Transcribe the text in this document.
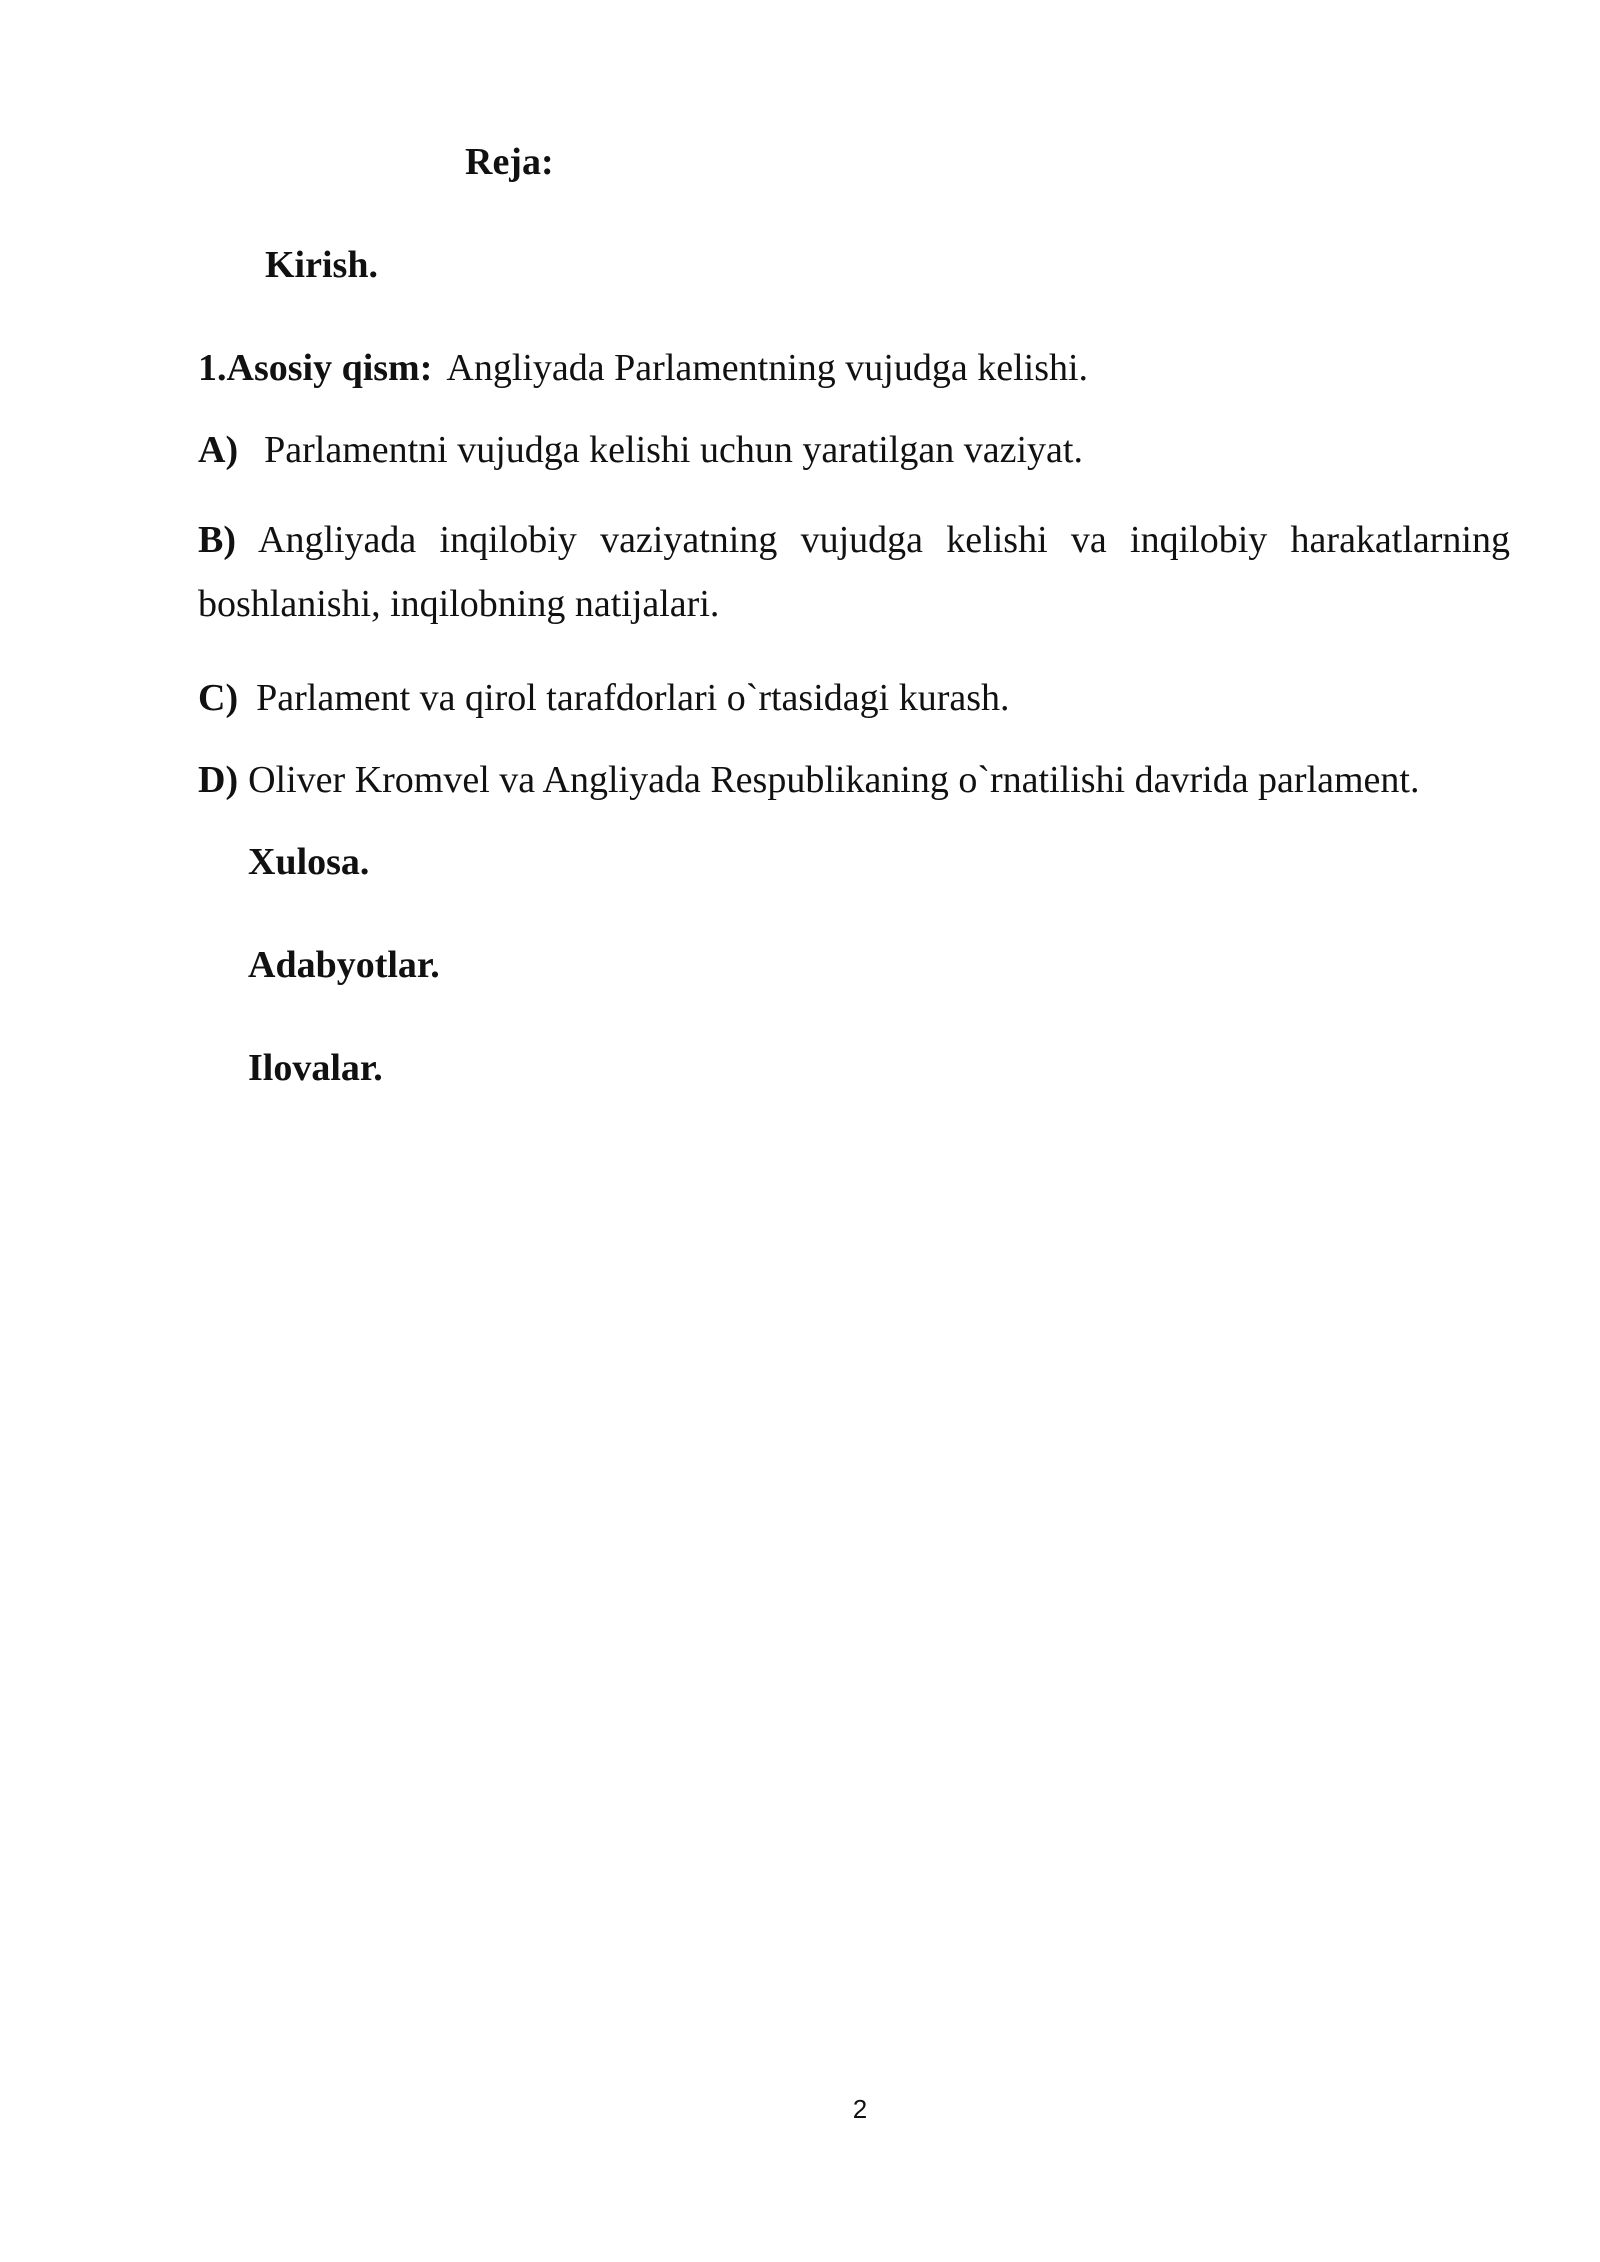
Reja:
Kirish.
1.Asosiy qism: Angliyada Parlamentning vujudga kelishi.
A) Parlamentni vujudga kelishi uchun yaratilgan vaziyat.
B) Angliyada inqilobiy vaziyatning vujudga kelishi va inqilobiy harakatlarning boshlanishi, inqilobning natijalari.
C) Parlament va qirol tarafdorlari o`rtasidagi kurash.
D) Oliver Kromvel va Angliyada Respublikaning o`rnatilishi davrida parlament.
Xulosa.
Adabyotlar.
Ilovalar.
2
